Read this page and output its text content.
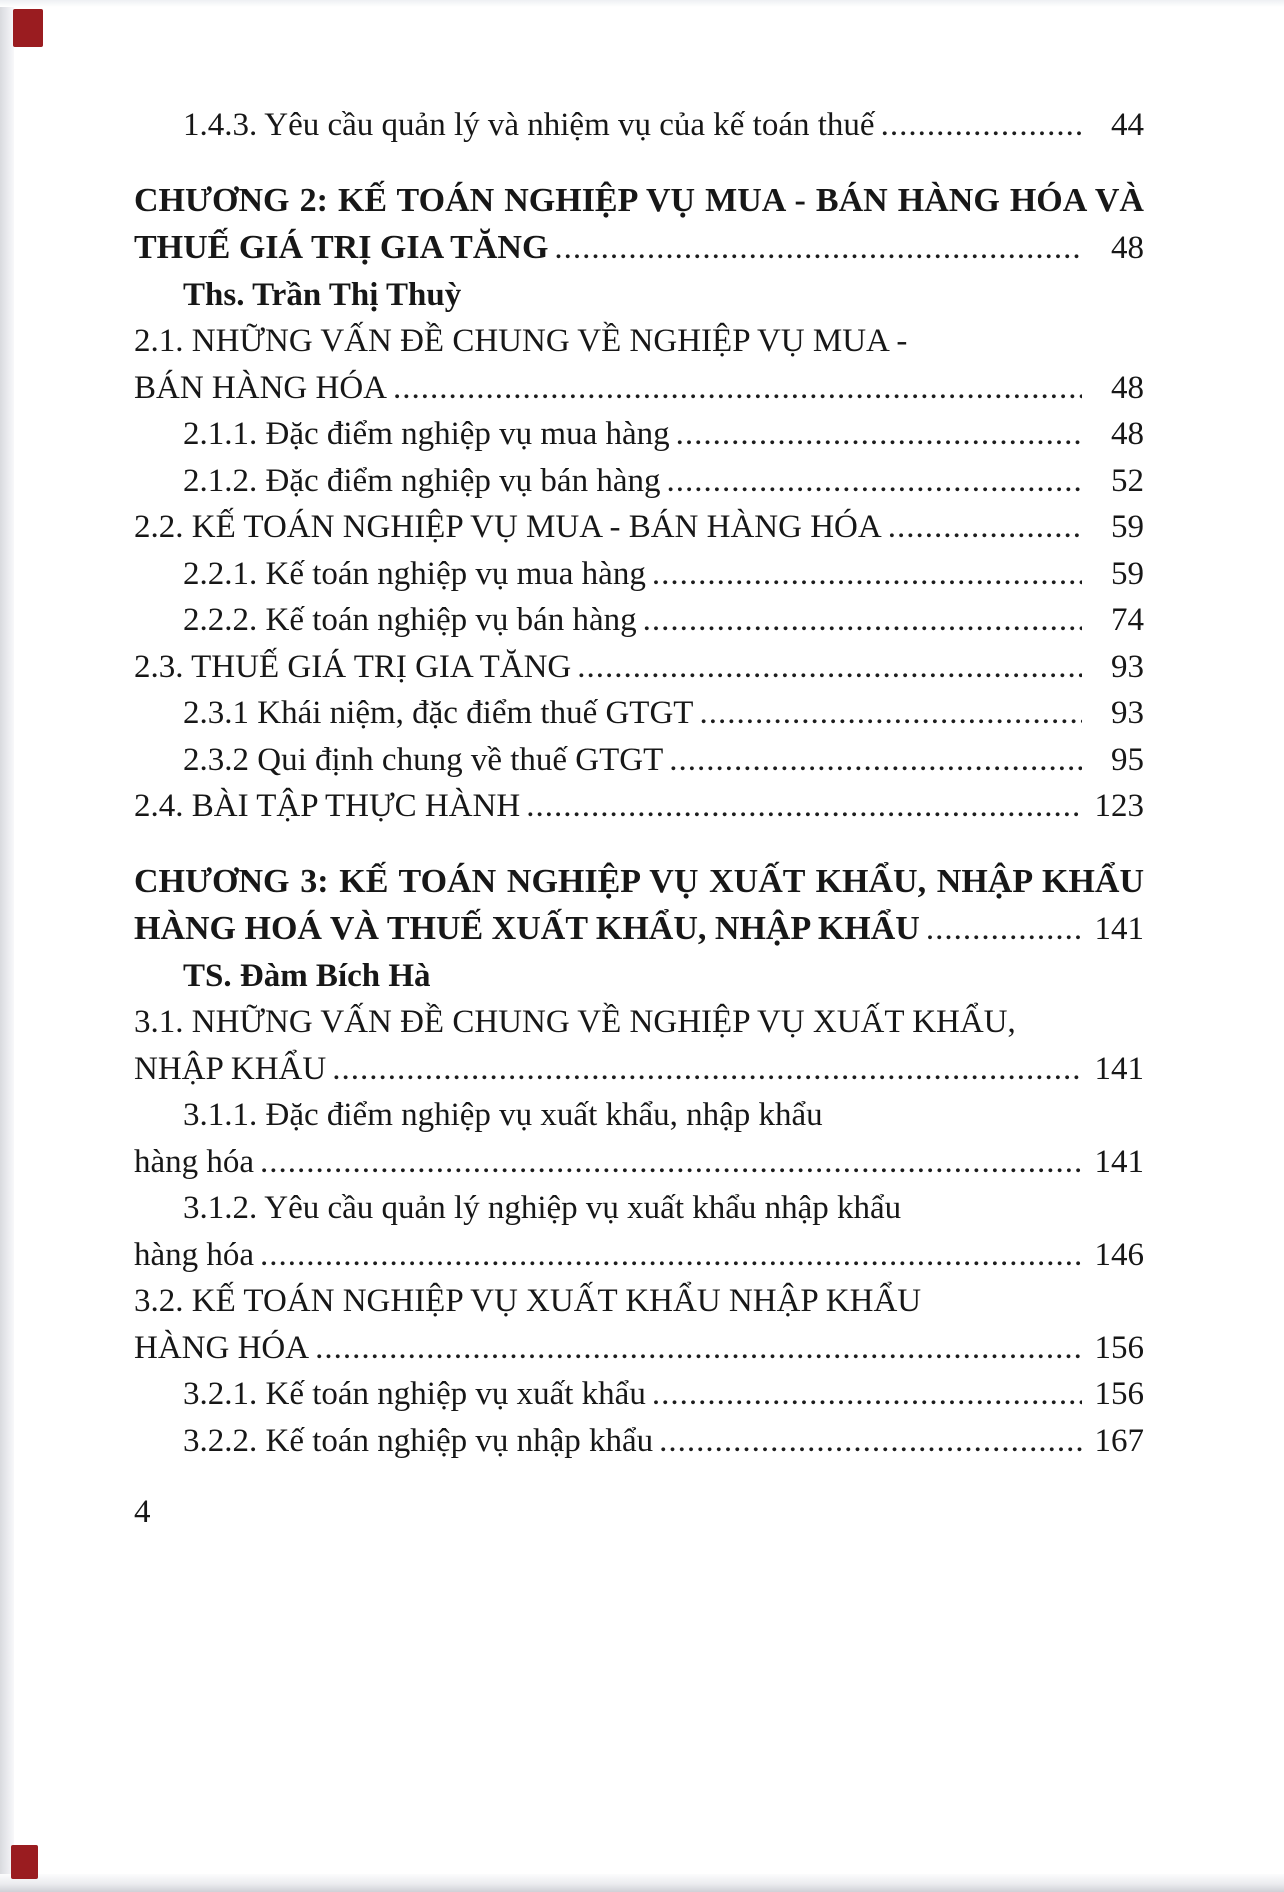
1.4.3. Yêu cầu quản lý và nhiệm vụ của kế toán thuế .....	44
CHƯƠNG 2: KẾ TOÁN NGHIỆP VỤ MUA - BÁN HÀNG HÓA VÀ
THUẾ GIÁ TRỊ GIA TĂNG .....	48
Ths. Trần Thị Thuỳ
2.1. NHỮNG VẤN ĐỀ CHUNG VỀ NGHIỆP VỤ MUA -
BÁN HÀNG HÓA .....	48
2.1.1. Đặc điểm nghiệp vụ mua hàng .....	48
2.1.2. Đặc điểm nghiệp vụ bán hàng .....	52
2.2. KẾ TOÁN NGHIỆP VỤ MUA - BÁN HÀNG HÓA .....	59
2.2.1. Kế toán nghiệp vụ mua hàng .....	59
2.2.2. Kế toán nghiệp vụ bán hàng .....	74
2.3. THUẾ GIÁ TRỊ GIA TĂNG .....	93
2.3.1 Khái niệm, đặc điểm thuế GTGT .....	93
2.3.2 Qui định chung về thuế GTGT .....	95
2.4. BÀI TẬP THỰC HÀNH .....	123
CHƯƠNG 3: KẾ TOÁN NGHIỆP VỤ XUẤT KHẨU, NHẬP KHẨU
HÀNG HOÁ VÀ THUẾ XUẤT KHẨU, NHẬP KHẨU .....	141
TS. Đàm Bích Hà
3.1. NHỮNG VẤN ĐỀ CHUNG VỀ NGHIỆP VỤ XUẤT KHẨU,
NHẬP KHẨU .....	141
3.1.1. Đặc điểm nghiệp vụ xuất khẩu, nhập khẩu
hàng hóa .....	141
3.1.2. Yêu cầu quản lý nghiệp vụ xuất khẩu nhập khẩu
hàng hóa .....	146
3.2. KẾ TOÁN NGHIỆP VỤ XUẤT KHẨU NHẬP KHẨU
HÀNG HÓA .....	156
3.2.1. Kế toán nghiệp vụ xuất khẩu .....	156
3.2.2. Kế toán nghiệp vụ nhập khẩu .....	167
4
